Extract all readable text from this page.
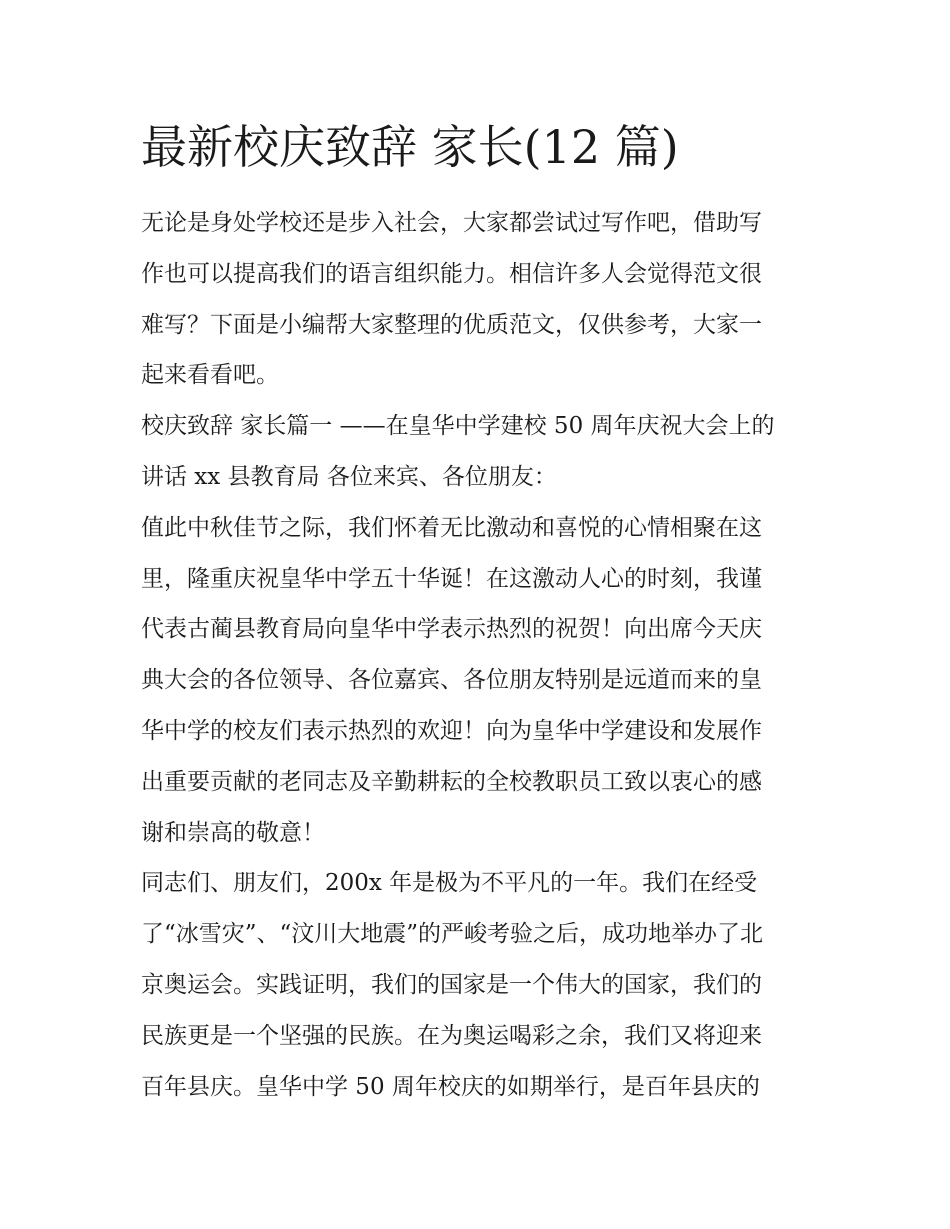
最新校庆致辞 家长(12 篇)
无论是身处学校还是步入社会，大家都尝试过写作吧，借助写
作也可以提高我们的语言组织能力。相信许多人会觉得范文很
难写？下面是小编帮大家整理的优质范文，仅供参考，大家一
起来看看吧。
校庆致辞 家长篇一 ——在皇华中学建校 50 周年庆祝大会上的
讲话 xx 县教育局 各位来宾、各位朋友：
值此中秋佳节之际，我们怀着无比激动和喜悦的心情相聚在这
里，隆重庆祝皇华中学五十华诞！在这激动人心的时刻，我谨
代表古蔺县教育局向皇华中学表示热烈的祝贺！向出席今天庆
典大会的各位领导、各位嘉宾、各位朋友特别是远道而来的皇
华中学的校友们表示热烈的欢迎！向为皇华中学建设和发展作
出重要贡献的老同志及辛勤耕耘的全校教职员工致以衷心的感
谢和崇高的敬意！
同志们、朋友们，200x 年是极为不平凡的一年。我们在经受
了“冰雪灾”、“汶川大地震”的严峻考验之后，成功地举办了北
京奥运会。实践证明，我们的国家是一个伟大的国家，我们的
民族更是一个坚强的民族。在为奥运喝彩之余，我们又将迎来
百年县庆。皇华中学 50 周年校庆的如期举行，是百年县庆的
